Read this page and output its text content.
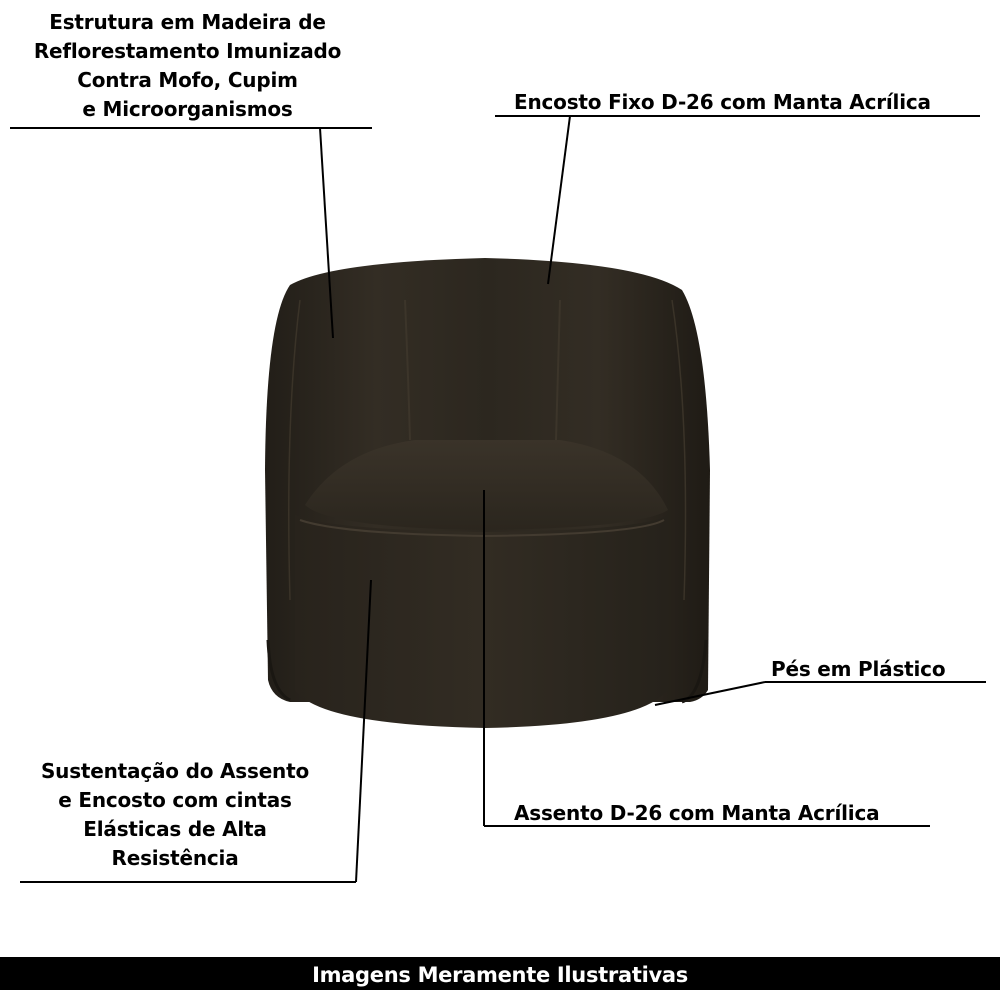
Estrutura em Madeira de
Reflorestamento Imunizado
Contra Mofo, Cupim
e Microorganismos	Encosto Fixo D-26 com Manta Acrílica
Pés em Plástico
Assento D-26 com Manta Acrílica
Sustentação do Assento
e Encosto com cintas
Elásticas de Alta
Resistência
Imagens Meramente Ilustrativas
